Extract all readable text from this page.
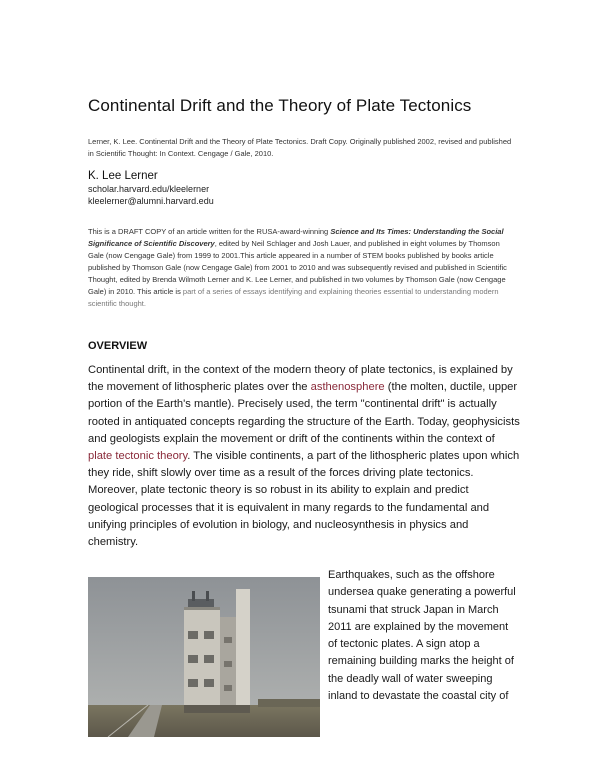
Continental Drift and the Theory of Plate Tectonics
Lerner, K. Lee. Continental Drift and the Theory of Plate Tectonics. Draft Copy. Originally published 2002, revised and published in Scientific Thought: In Context. Cengage / Gale, 2010.
K. Lee Lerner
scholar.harvard.edu/kleelerner
kleelerner@alumni.harvard.edu
This is a DRAFT COPY of an article written for the RUSA-award-winning Science and Its Times: Understanding the Social Significance of Scientific Discovery, edited by Neil Schlager and Josh Lauer, and published in eight volumes by Thomson Gale (now Cengage Gale) from 1999 to 2001.This article appeared in a number of STEM books published by books article published by Thomson Gale (now Cengage Gale) from 2001 to 2010 and was subsequently revised and published in Scientific Thought, edited by Brenda Wilmoth Lerner and K. Lee Lerner, and published in two volumes by Thomson Gale (now Cengage Gale) in 2010. This article is part of a series of essays identifying and explaining theories essential to understanding modern scientific thought.
OVERVIEW
Continental drift, in the context of the modern theory of plate tectonics, is explained by the movement of lithospheric plates over the asthenosphere (the molten, ductile, upper portion of the Earth's mantle). Precisely used, the term "continental drift" is actually rooted in antiquated concepts regarding the structure of the Earth. Today, geophysicists and geologists explain the movement or drift of the continents within the context of plate tectonic theory. The visible continents, a part of the lithospheric plates upon which they ride, shift slowly over time as a result of the forces driving plate tectonics. Moreover, plate tectonic theory is so robust in its ability to explain and predict geological processes that it is equivalent in many regards to the fundamental and unifying principles of evolution in biology, and nucleosynthesis in physics and chemistry.
Earthquakes, such as the offshore undersea quake generating a powerful tsunami that struck Japan in March 2011 are explained by the movement of tectonic plates. A sign atop a remaining building marks the height of the deadly wall of water sweeping inland to devastate the coastal city of
